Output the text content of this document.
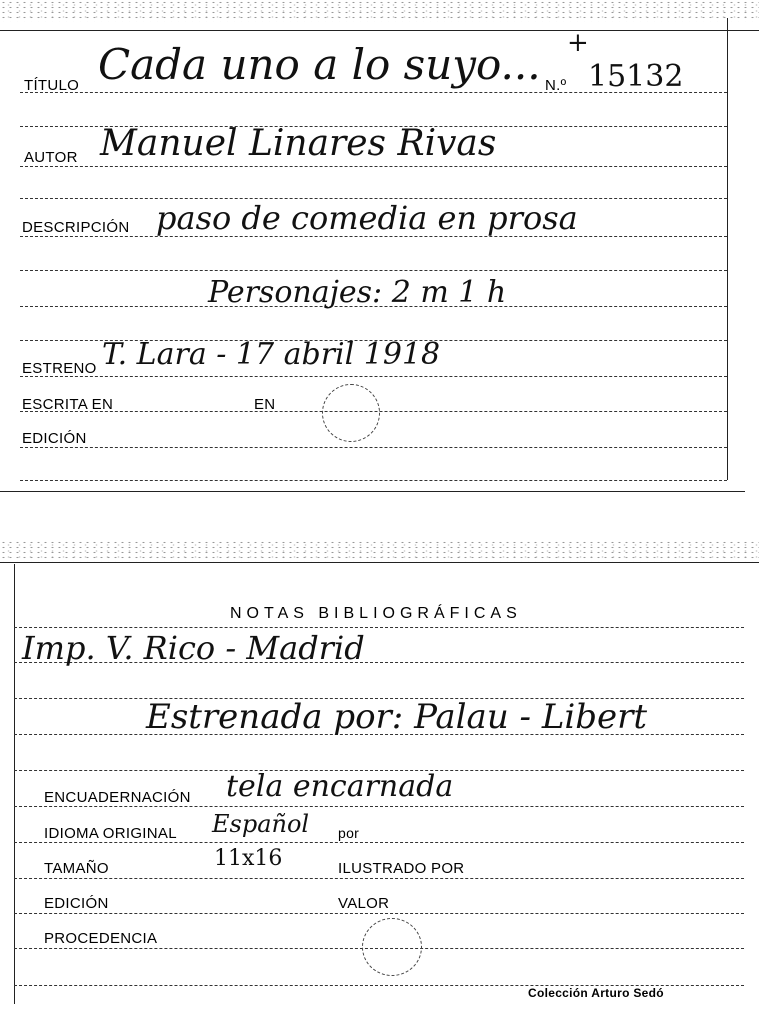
TÍTULO Cada uno a lo suyo... N.º 15132
+
AUTOR Manuel Linares Rivas
DESCRIPCIÓN paso de comedia en prosa
Personajes: 2 m 1 h
ESTRENO T. Lara - 17 abril 1918
ESCRITA EN	EN
EDICIÓN
NOTAS BIBLIOGRÁFICAS
Imp. V. Rico - Madrid
Estrenada por: Palau - Libert
ENCUADERNACIÓN tela encarnada
IDIOMA ORIGINAL Español por
TAMAÑO	11x16	ILUSTRADO POR
EDICIÓN	VALOR
PROCEDENCIA
Colección Arturo Sedó
